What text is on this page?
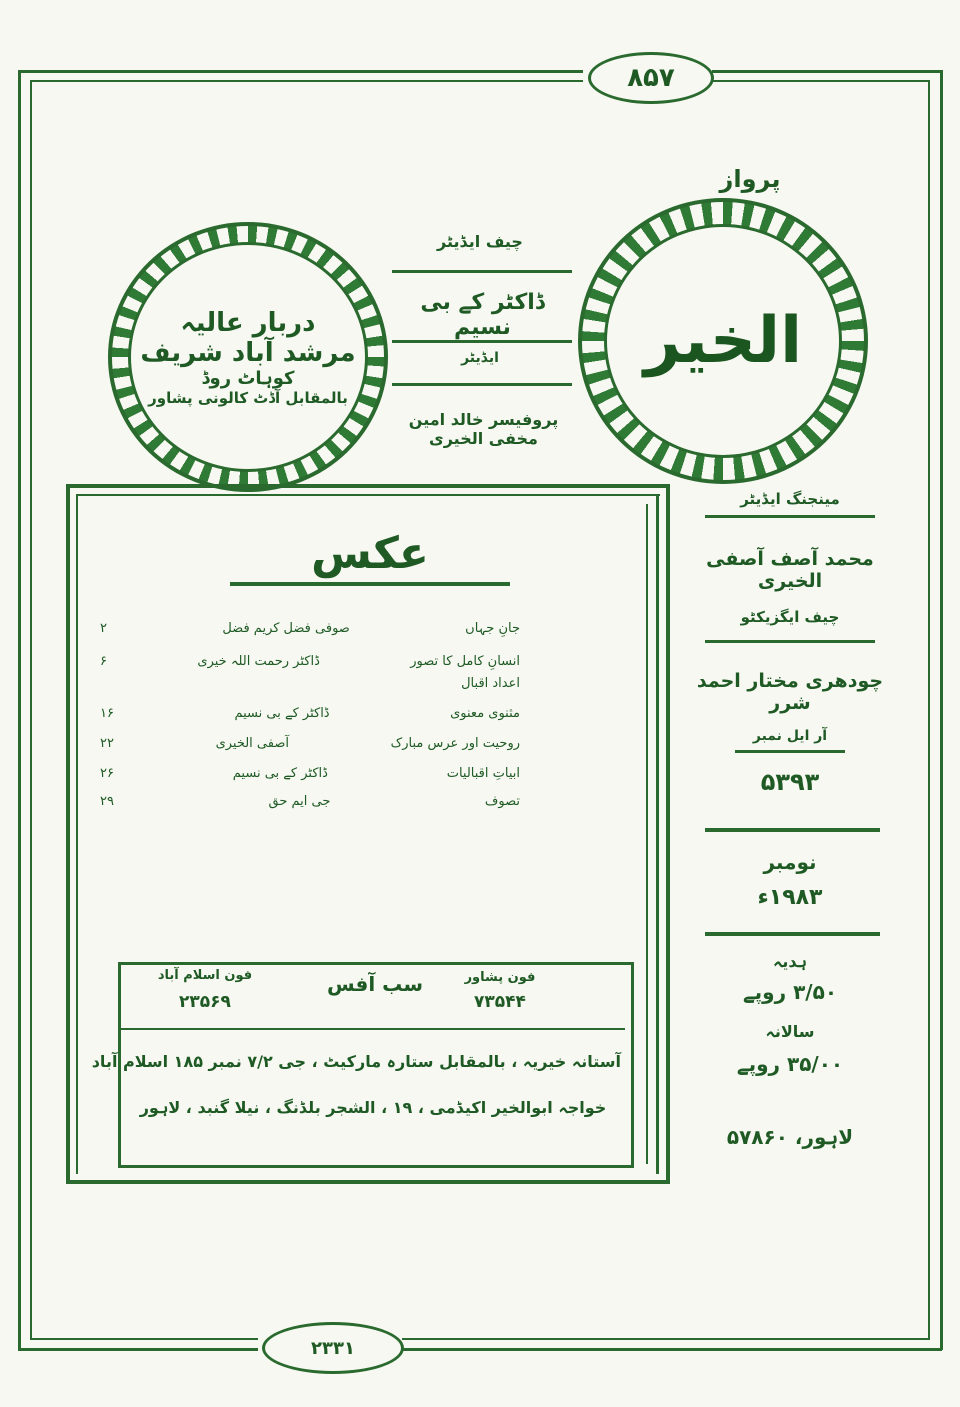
۸۵۷
۲۳۳۱
پرواز
الخير
دربار عالیہ
مرشد آباد شریف
کوہاٹ روڈ
بالمقابل آڈٹ کالونی پشاور
چیف ایڈیٹر
ڈاکٹر کے بی نسیم
ایڈیٹر
پروفیسر خالد امین مخفی الخیری
مینجنگ ایڈیٹر
محمد آصف آصفی الخیری
چیف ایگزیکٹو
چودھری مختار احمد شرر
آر ایل نمبر
۵۳۹۳
نومبر
۱۹۸۳ء
ہدیہ
۳/۵۰ روپے
سالانہ
۳۵/۰۰ روپے
لاہور، ۵۷۸۶۰
عکس
جانِ جہاں
صوفی فضل کریم فضل
۲
انسانِ کامل کا تصور
ڈاکٹر رحمت اللہ خیری
۶
اعداد اقبال
مثنوی معنوی
ڈاکٹر کے بی نسیم
۱۶
روحیت اور عرس مبارک
آصفی الخیری
۲۲
ابیاتِ اقبالیات
ڈاکٹر کے بی نسیم
۲۶
تصوف
جی ایم حق
۲۹
فون پشاور
۷۳۵۴۴
سب آفس
فون اسلام آباد
۲۳۵۶۹
آستانہ خیریہ ، بالمقابل ستارہ مارکیٹ ، جی ۷/۲ نمبر ۱۸۵ اسلام آباد
خواجہ ابوالخیر اکیڈمی ، ۱۹ ، الشجر بلڈنگ ، نیلا گنبد ، لاہور
